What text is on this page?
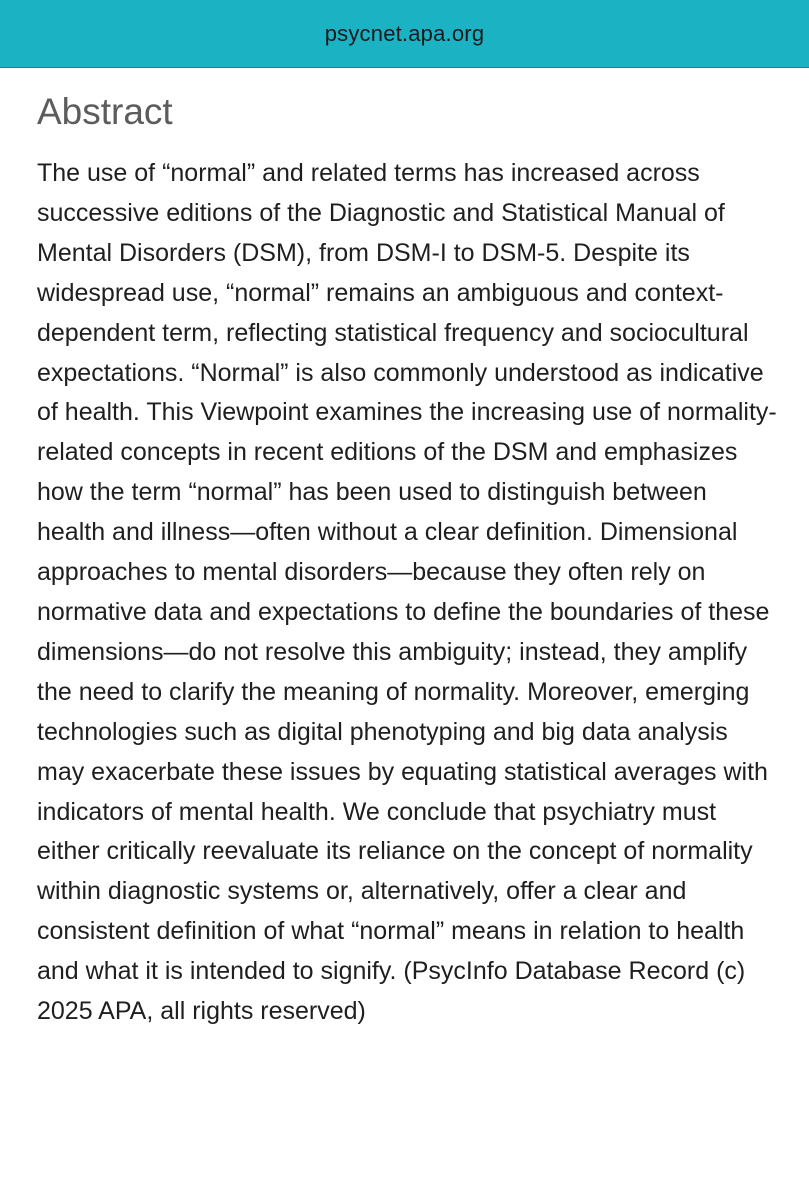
psycnet.apa.org
Abstract

The use of “normal” and related terms has increased across successive editions of the Diagnostic and Statistical Manual of Mental Disorders (DSM), from DSM-I to DSM-5. Despite its widespread use, “normal” remains an ambiguous and context-dependent term, reflecting statistical frequency and sociocultural expectations. “Normal” is also commonly understood as indicative of health. This Viewpoint examines the increasing use of normality-related concepts in recent editions of the DSM and emphasizes how the term “normal” has been used to distinguish between health and illness—often without a clear definition. Dimensional approaches to mental disorders—because they often rely on normative data and expectations to define the boundaries of these dimensions—do not resolve this ambiguity; instead, they amplify the need to clarify the meaning of normality. Moreover, emerging technologies such as digital phenotyping and big data analysis may exacerbate these issues by equating statistical averages with indicators of mental health. We conclude that psychiatry must either critically reevaluate its reliance on the concept of normality within diagnostic systems or, alternatively, offer a clear and consistent definition of what “normal” means in relation to health and what it is intended to signify. (PsycInfo Database Record (c) 2025 APA, all rights reserved)
